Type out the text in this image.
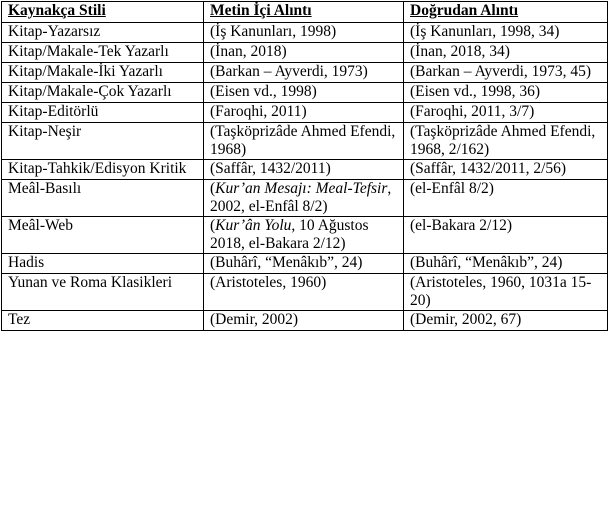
Kaynakça Stili	Metin İçi Alıntı	Doğrudan Alıntı
Kitap-Yazarsız	(İş Kanunları, 1998)	(İş Kanunları, 1998, 34)
Kitap/Makale-Tek Yazarlı	(İnan, 2018)	(İnan, 2018, 34)
Kitap/Makale-İki Yazarlı	(Barkan – Ayverdi, 1973)	(Barkan – Ayverdi, 1973, 45)
Kitap/Makale-Çok Yazarlı	(Eisen vd., 1998)	(Eisen vd., 1998, 36)
Kitap-Editörlü	(Faroqhi, 2011)	(Faroqhi, 2011, 3/7)
Kitap-Neşir	(Taşköprizâde Ahmed Efendi, 1968)	(Taşköprizâde Ahmed Efendi, 1968, 2/162)
Kitap-Tahkik/Edisyon Kritik	(Saffâr, 1432/2011)	(Saffâr, 1432/2011, 2/56)
Meâl-Basılı	(Kur’an Mesajı: Meal-Tefsir, 2002, el-Enfâl 8/2)	(el-Enfâl 8/2)
Meâl-Web	(Kur’ân Yolu, 10 Ağustos 2018, el-Bakara 2/12)	(el-Bakara 2/12)
Hadis	(Buhârî, “Menâkıb”, 24)	(Buhârî, “Menâkıb”, 24)
Yunan ve Roma Klasikleri	(Aristoteles, 1960)	(Aristoteles, 1960, 1031a 15-20)
Tez	(Demir, 2002)	(Demir, 2002, 67)
